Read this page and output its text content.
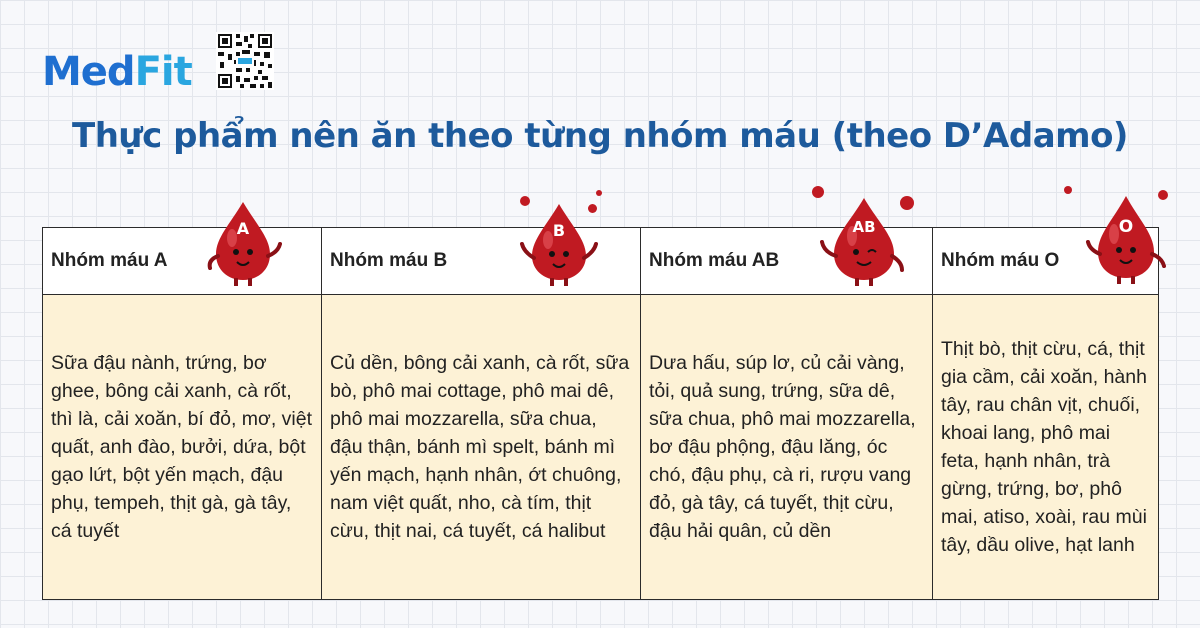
Med Fit
Thực phẩm nên ăn theo từng nhóm máu (theo D’Adamo)
Nhóm máu A	Nhóm máu B	Nhóm máu AB	Nhóm máu O
Sữa đậu nành, trứng, bơ ghee, bông cải xanh, cà rốt, thì là, cải xoăn, bí đỏ, mơ, việt quất, anh đào, bưởi, dứa, bột gạo lứt, bột yến mạch, đậu phụ, tempeh, thịt gà, gà tây, cá tuyết	Củ dền, bông cải xanh, cà rốt, sữa bò, phô mai cottage, phô mai dê, phô mai mozzarella, sữa chua, đậu thận, bánh mì spelt, bánh mì yến mạch, hạnh nhân, ớt chuông, nam việt quất, nho, cà tím, thịt cừu, thịt nai, cá tuyết, cá halibut	Dưa hấu, súp lơ, củ cải vàng, tỏi, quả sung, trứng, sữa dê, sữa chua, phô mai mozzarella, bơ đậu phộng, đậu lăng, óc chó, đậu phụ, cà ri, rượu vang đỏ, gà tây, cá tuyết, thịt cừu, đậu hải quân, củ dền	Thịt bò, thịt cừu, cá, thịt gia cầm, cải xoăn, hành tây, rau chân vịt, chuối, khoai lang, phô mai feta, hạnh nhân, trà gừng, trứng, bơ, phô mai, atiso, xoài, rau mùi tây, dầu olive, hạt lanh
A	B	AB	O
